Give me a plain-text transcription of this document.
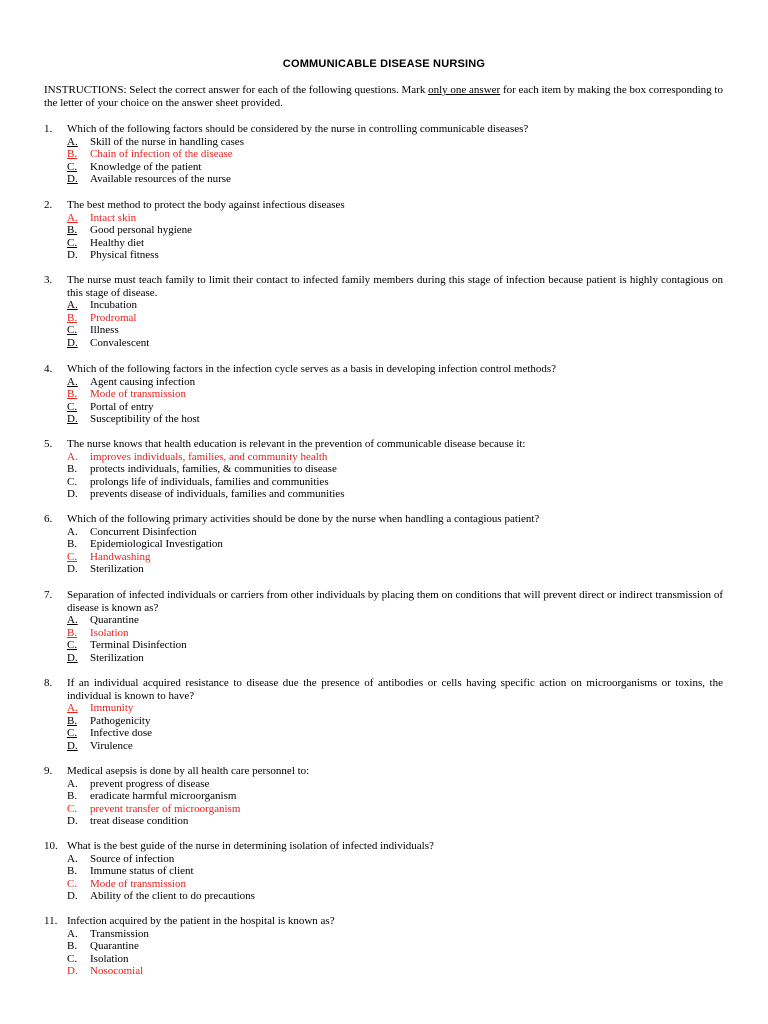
COMMUNICABLE DISEASE NURSING
INSTRUCTIONS: Select the correct answer for each of the following questions. Mark only one answer for each item by making the box corresponding to the letter of your choice on the answer sheet provided.
1. Which of the following factors should be considered by the nurse in controlling communicable diseases?
A. Skill of the nurse in handling cases
B. Chain of infection of the disease
C. Knowledge of the patient
D. Available resources of the nurse
2. The best method to protect the body against infectious diseases
A. Intact skin
B. Good personal hygiene
C. Healthy diet
D. Physical fitness
3. The nurse must teach family to limit their contact to infected family members during this stage of infection because patient is highly contagious on this stage of disease.
A. Incubation
B. Prodromal
C. Illness
D. Convalescent
4. Which of the following factors in the infection cycle serves as a basis in developing infection control methods?
A. Agent causing infection
B. Mode of transmission
C. Portal of entry
D. Susceptibility of the host
5. The nurse knows that health education is relevant in the prevention of communicable disease because it:
A. improves individuals, families, and community health
B. protects individuals, families, & communities to disease
C. prolongs life of individuals, families and communities
D. prevents disease of individuals, families and communities
6. Which of the following primary activities should be done by the nurse when handling a contagious patient?
A. Concurrent Disinfection
B. Epidemiological Investigation
C. Handwashing
D. Sterilization
7. Separation of infected individuals or carriers from other individuals by placing them on conditions that will prevent direct or indirect transmission of disease is known as?
A. Quarantine
B. Isolation
C. Terminal Disinfection
D. Sterilization
8. If an individual acquired resistance to disease due the presence of antibodies or cells having specific action on microorganisms or toxins, the individual is known to have?
A. Immunity
B. Pathogenicity
C. Infective dose
D. Virulence
9. Medical asepsis is done by all health care personnel to:
A. prevent progress of disease
B. eradicate harmful microorganism
C. prevent transfer of microorganism
D. treat disease condition
10. What is the best guide of the nurse in determining isolation of infected individuals?
A. Source of infection
B. Immune status of client
C. Mode of transmission
D. Ability of the client to do precautions
11. Infection acquired by the patient in the hospital is known as?
A. Transmission
B. Quarantine
C. Isolation
D. Nosocomial
